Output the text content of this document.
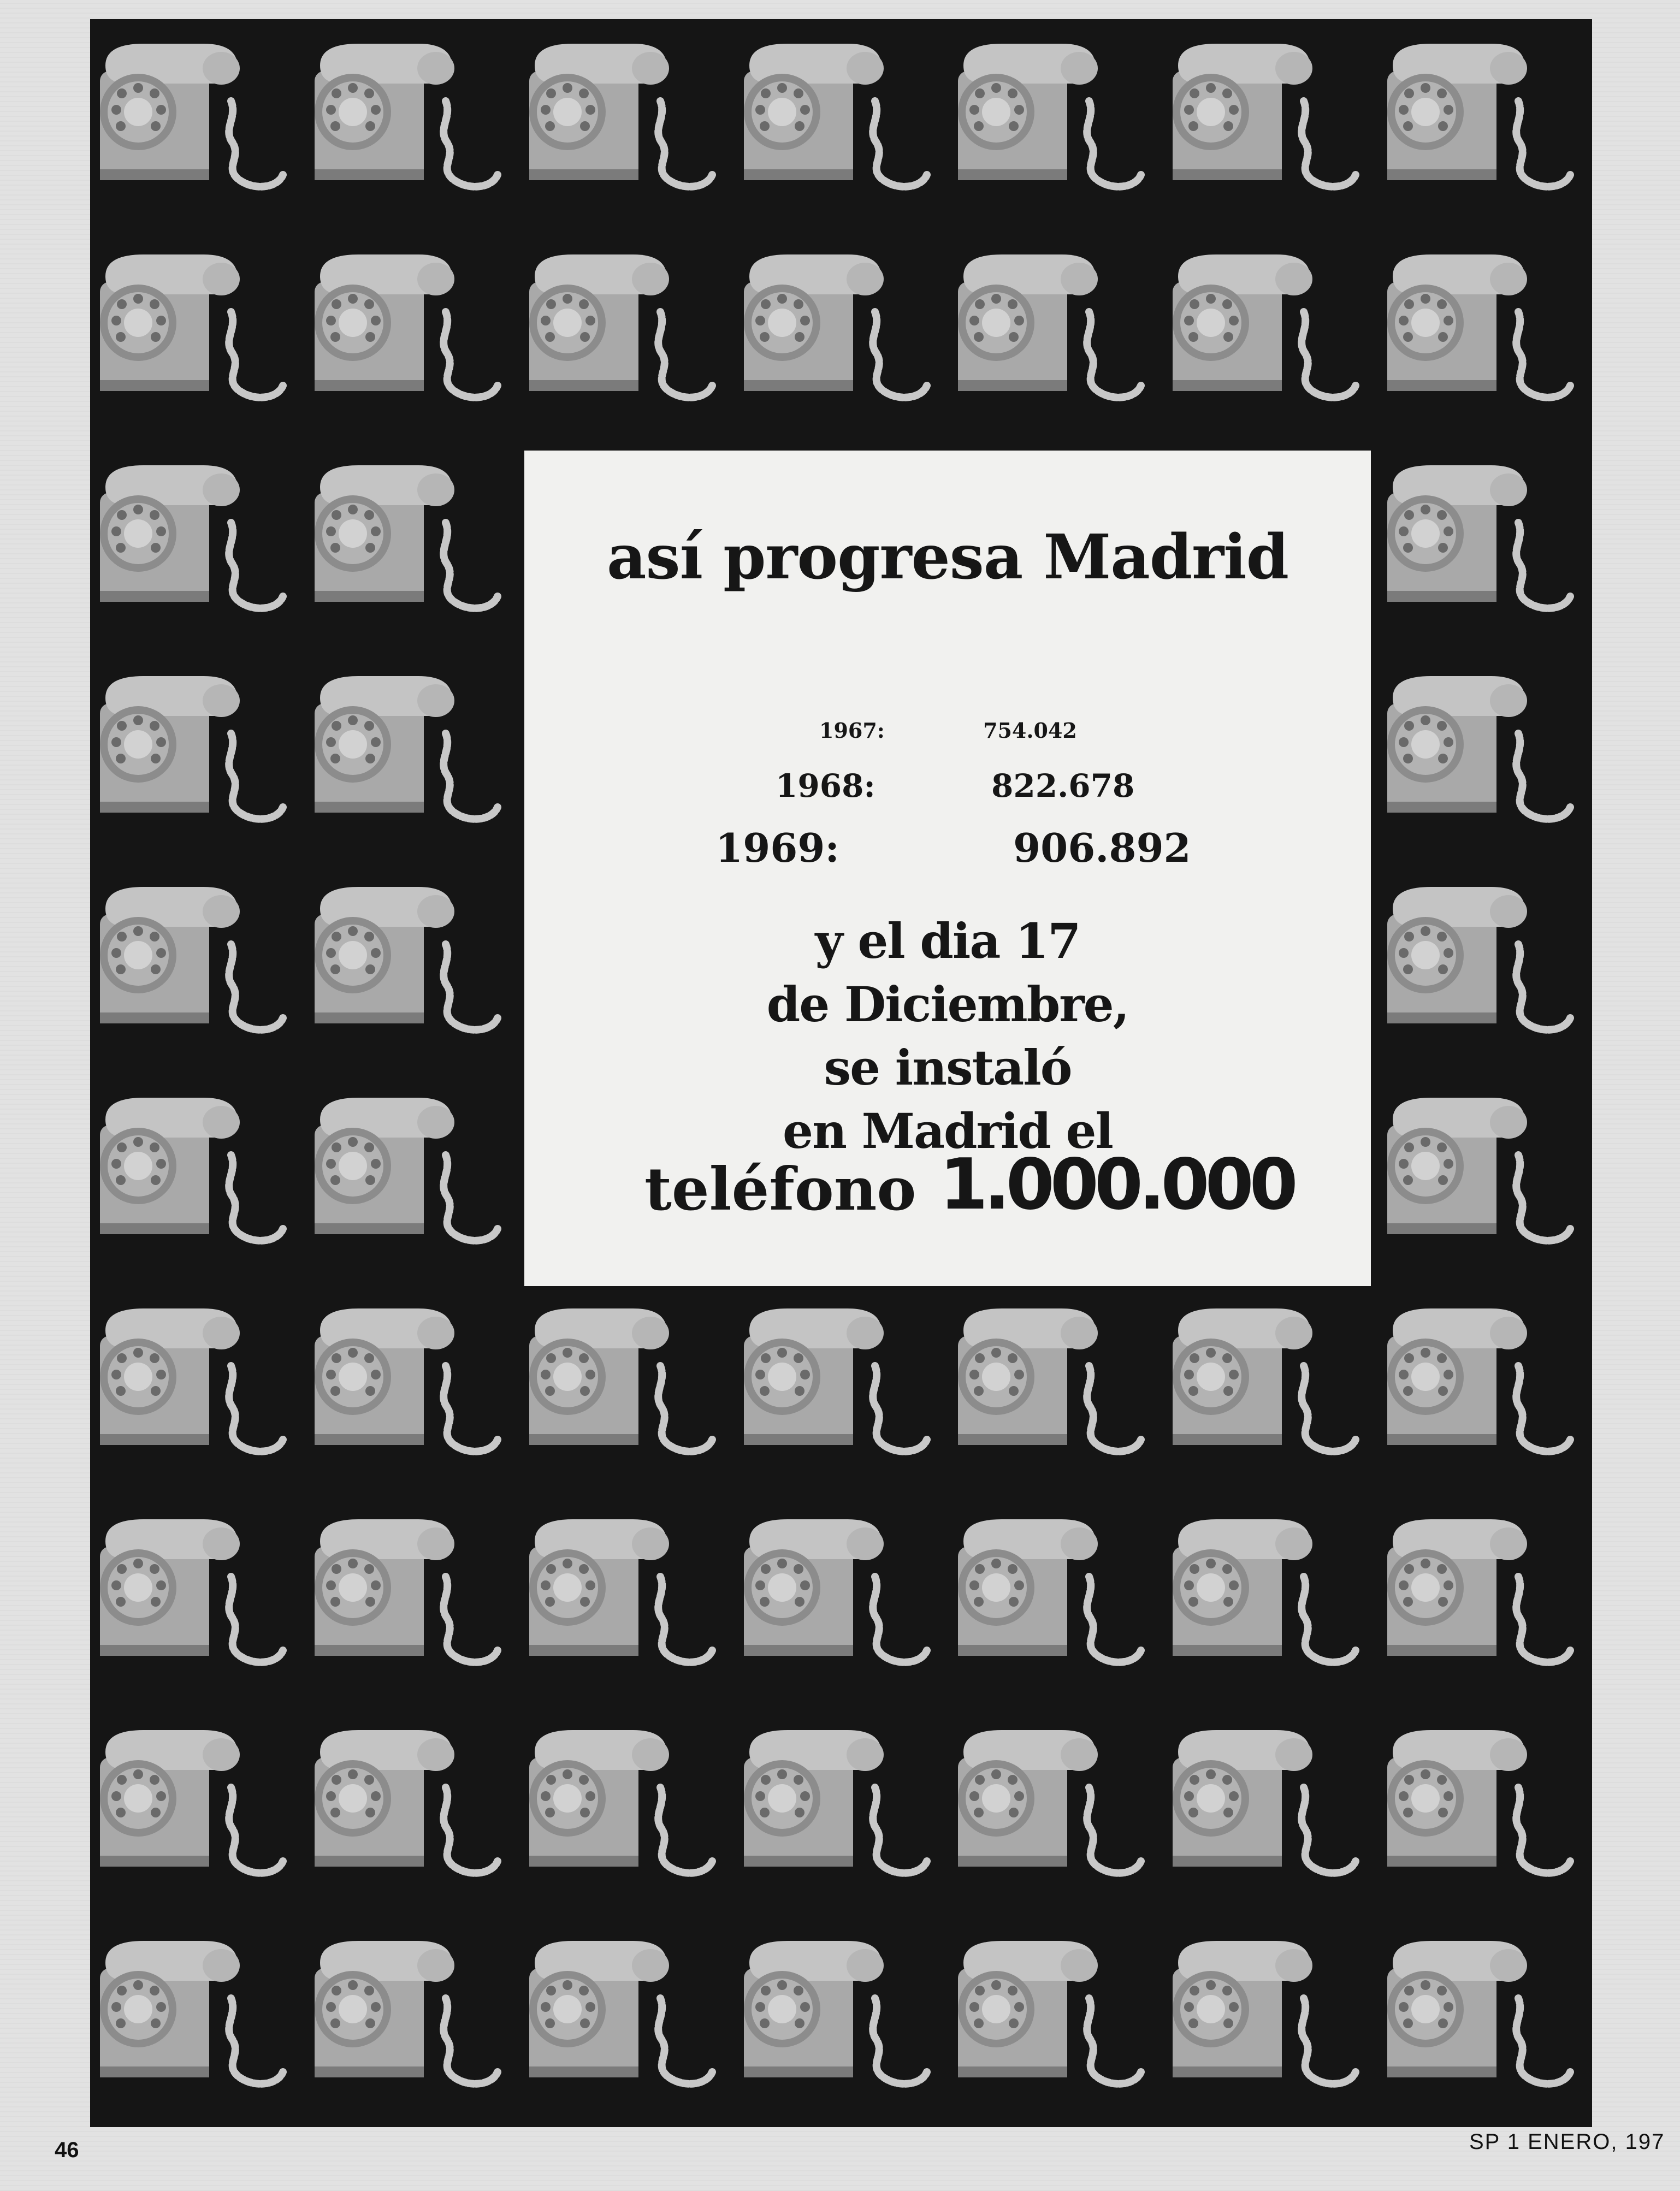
así progresa Madrid
1967:	754.042
1968:	822.678
1969:	906.892
y el dia 17
de Diciembre,
se instaló
en Madrid el
teléfono 1.000.000
46	SP 1 ENERO, 197
